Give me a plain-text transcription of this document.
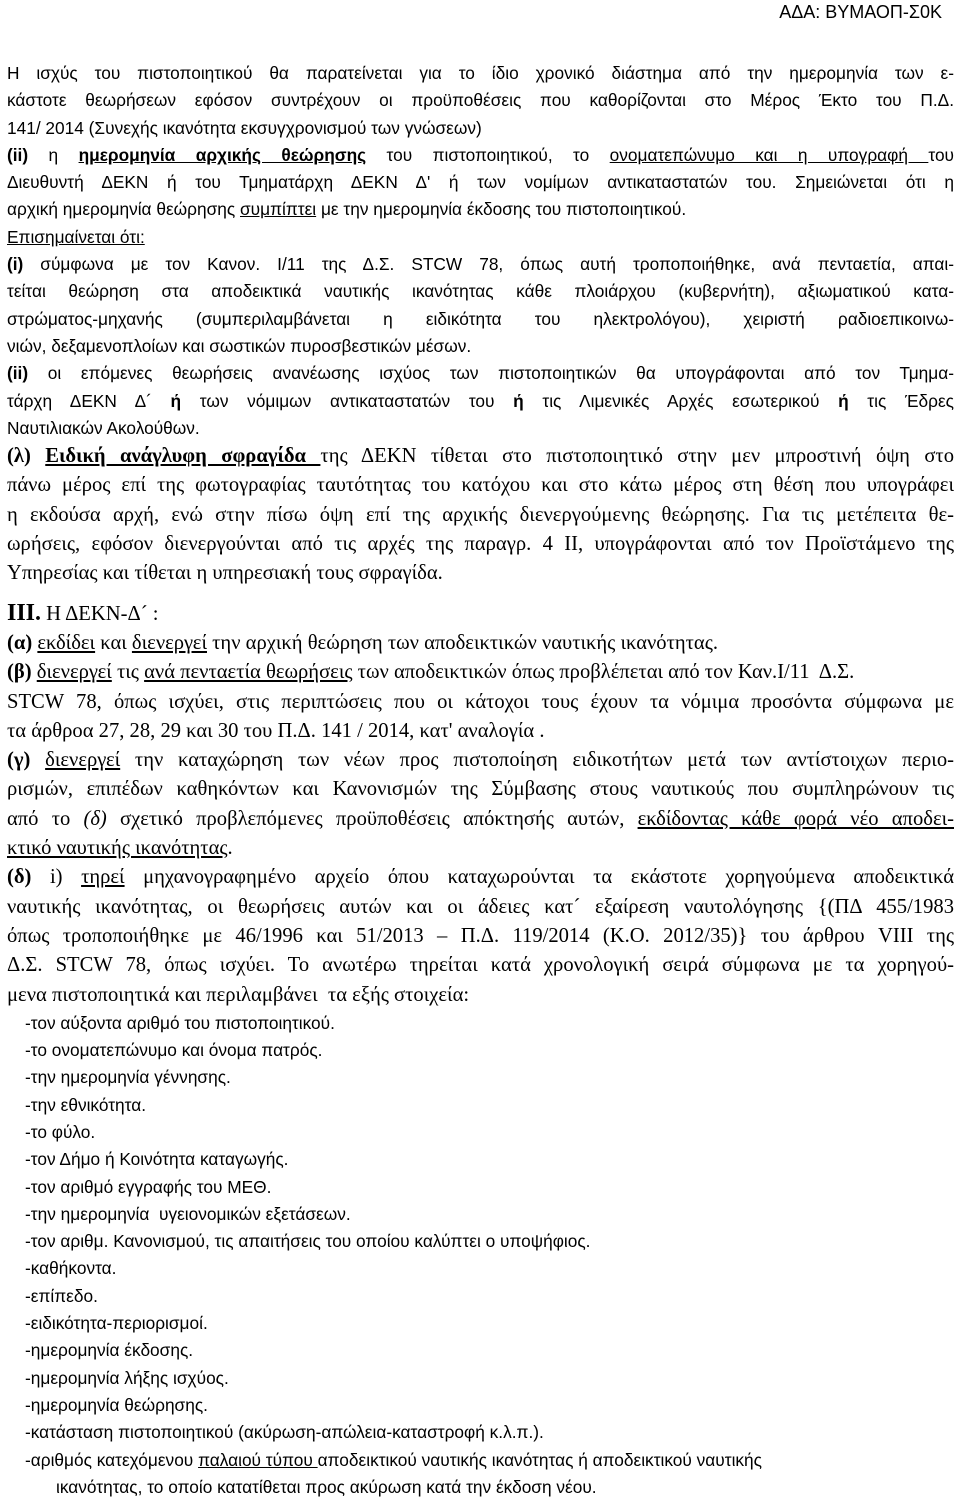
ΑΔΑ: ΒΥΜΑΟΠ-Σ0Κ
Η ισχύς του πιστοποιητικού θα παρατείνεται για το ίδιο χρονικό διάστημα από την ημερομηνία των ε-
κάστοτε θεωρήσεων εφόσον συντρέχουν οι προϋποθέσεις που καθορίζονται στο Μέρος Έκτο του Π.Δ.
141/ 2014 (Συνεχής ικανότητα εκσυγχρονισμού των γνώσεων)
(ii) η ημερομηνία αρχικής θεώρησης του πιστοποιητικού, το ονοματεπώνυμο και η υπογραφή του
Διευθυντή ΔΕΚΝ ή του Τμηματάρχη ΔΕΚΝ Δ' ή των νομίμων αντικαταστατών του. Σημειώνεται ότι η
αρχική ημερομηνία θεώρησης συμπίπτει με την ημερομηνία έκδοσης του πιστοποιητικού.
Επισημαίνεται ότι:
(i) σύμφωνα με τον Κανον. Ι/11 της Δ.Σ. STCW 78, όπως αυτή τροποποιήθηκε, ανά πενταετία, απαι-
τείται θεώρηση στα αποδεικτικά ναυτικής ικανότητας κάθε πλοιάρχου (κυβερνήτη), αξιωματικού κατα-
στρώματος-μηχανής (συμπεριλαμβάνεται η ειδικότητα του ηλεκτρολόγου), χειριστή ραδιοεπικοινω-
νιών, δεξαμενοπλοίων και σωστικών πυροσβεστικών μέσων.
(ii) οι επόμενες θεωρήσεις ανανέωσης ισχύος των πιστοποιητικών θα υπογράφονται από τον Τμημα-
τάρχη ΔΕΚΝ Δ´ ή των νόμιμων αντικαταστατών του ή τις Λιμενικές Αρχές εσωτερικού ή τις Έδρες
Ναυτιλιακών Ακολούθων.
(λ) Ειδική ανάγλυφη σφραγίδα της ΔΕΚΝ τίθεται στο πιστοποιητικό στην μεν μπροστινή όψη στο
πάνω μέρος επί της φωτογραφίας ταυτότητας του κατόχου και στο κάτω μέρος στη θέση που υπογράφει
η εκδούσα αρχή, ενώ στην πίσω όψη επί της αρχικής διενεργούμενης θεώρησης. Για τις μετέπειτα θε-
ωρήσεις, εφόσον διενεργούνται από τις αρχές της παραγρ. 4 ΙΙ, υπογράφονται από τον Προϊστάμενο της
Υπηρεσίας και τίθεται η υπηρεσιακή τους σφραγίδα.
ΙΙΙ. Η ΔΕΚΝ-Δ´ :
(α) εκδίδει και διενεργεί την αρχική θεώρηση των αποδεικτικών ναυτικής ικανότητας.
(β) διενεργεί τις ανά πενταετία θεωρήσεις των αποδεικτικών όπως προβλέπεται από τον Καν.Ι/11  Δ.Σ.
STCW 78, όπως ισχύει, στις περιπτώσεις που οι κάτοχοι τους έχουν τα νόμιμα προσόντα σύμφωνα με
τα άρθροα 27, 28, 29 και 30 του Π.Δ. 141 / 2014, κατ' αναλογία .
(γ) διενεργεί την καταχώρηση των νέων προς πιστοποίηση ειδικοτήτων μετά των αντίστοιχων περιο-
ρισμών, επιπέδων καθηκόντων και Κανονισμών της Σύμβασης στους ναυτικούς που συμπληρώνουν τις
από το (δ) σχετικό προβλεπόμενες προϋποθέσεις απόκτησής αυτών, εκδίδοντας κάθε φορά νέο αποδει-
κτικό ναυτικής ικανότητας.
(δ) i) τηρεί μηχανογραφημένο αρχείο όπου καταχωρούνται τα εκάστοτε χορηγούμενα αποδεικτικά
ναυτικής ικανότητας, οι θεωρήσεις αυτών και οι άδειες κατ´ εξαίρεση ναυτολόγησης {(ΠΔ 455/1983
όπως τροποποιήθηκε με 46/1996 και 51/2013 – Π.Δ. 119/2014 (Κ.Ο. 2012/35)} του άρθρου VIII της
Δ.Σ. STCW 78, όπως ισχύει. Το ανωτέρω τηρείται κατά χρονολογική σειρά σύμφωνα με τα χορηγού-
μενα πιστοποιητικά και περιλαμβάνει  τα εξής στοιχεία:
-τον αύξοντα αριθμό του πιστοποιητικού.
-το ονοματεπώνυμο και όνομα πατρός.
-την ημερομηνία γέννησης.
-την εθνικότητα.
-το φύλο.
-τον Δήμο ή Κοινότητα καταγωγής.
-τον αριθμό εγγραφής του ΜΕΘ.
-την ημερομηνία  υγειονομικών εξετάσεων.
-τον αριθμ. Κανονισμού, τις απαιτήσεις του οποίου καλύπτει ο υποψήφιος.
-καθήκοντα.
-επίπεδο.
-ειδικότητα-περιορισμοί.
-ημερομηνία έκδοσης.
-ημερομηνία λήξης ισχύος.
-ημερομηνία θεώρησης.
-κατάσταση πιστοποιητικού (ακύρωση-απώλεια-καταστροφή κ.λ.π.).
-αριθμός κατεχόμενου παλαιού τύπου αποδεικτικού ναυτικής ικανότητας ή αποδεικτικού ναυτικής
ικανότητας, το οποίο κατατίθεται προς ακύρωση κατά την έκδοση νέου.
